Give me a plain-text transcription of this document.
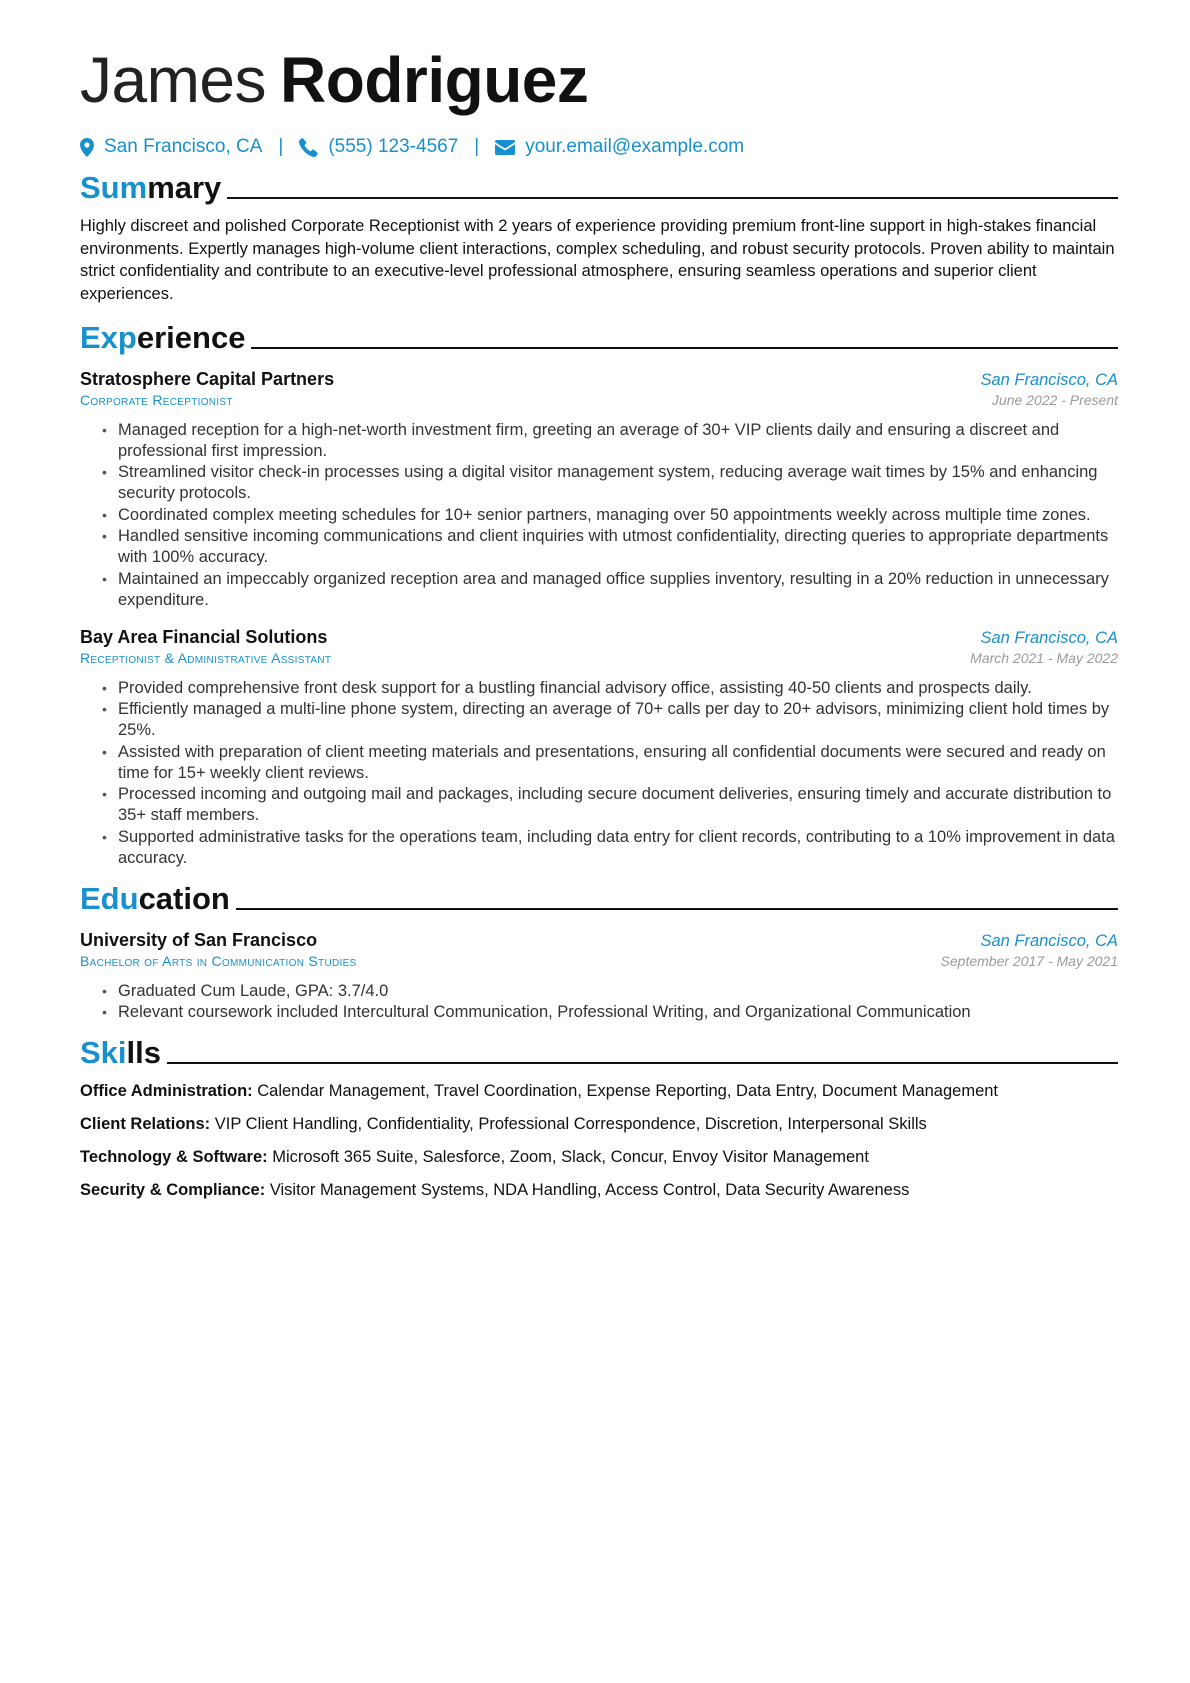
James Rodriguez
San Francisco, CA | (555) 123-4567 | your.email@example.com
Summary

Highly discreet and polished Corporate Receptionist with 2 years of experience providing premium front-line support in high-stakes financial environments. Expertly manages high-volume client interactions, complex scheduling, and robust security protocols. Proven ability to maintain strict confidentiality and contribute to an executive-level professional atmosphere, ensuring seamless operations and superior client experiences.

Experience
Stratosphere Capital Partners	San Francisco, CA
Corporate Receptionist	June 2022 - Present
• Managed reception for a high-net-worth investment firm, greeting an average of 30+ VIP clients daily and ensuring a discreet and professional first impression.
• Streamlined visitor check-in processes using a digital visitor management system, reducing average wait times by 15% and enhancing security protocols.
• Coordinated complex meeting schedules for 10+ senior partners, managing over 50 appointments weekly across multiple time zones.
• Handled sensitive incoming communications and client inquiries with utmost confidentiality, directing queries to appropriate departments with 100% accuracy.
• Maintained an impeccably organized reception area and managed office supplies inventory, resulting in a 20% reduction in unnecessary expenditure.
Bay Area Financial Solutions	San Francisco, CA
Receptionist & Administrative Assistant	March 2021 - May 2022
• Provided comprehensive front desk support for a bustling financial advisory office, assisting 40-50 clients and prospects daily.
• Efficiently managed a multi-line phone system, directing an average of 70+ calls per day to 20+ advisors, minimizing client hold times by 25%.
• Assisted with preparation of client meeting materials and presentations, ensuring all confidential documents were secured and ready on time for 15+ weekly client reviews.
• Processed incoming and outgoing mail and packages, including secure document deliveries, ensuring timely and accurate distribution to 35+ staff members.
• Supported administrative tasks for the operations team, including data entry for client records, contributing to a 10% improvement in data accuracy.
Education
University of San Francisco	San Francisco, CA
Bachelor of Arts in Communication Studies	September 2017 - May 2021
• Graduated Cum Laude, GPA: 3.7/4.0
• Relevant coursework included Intercultural Communication, Professional Writing, and Organizational Communication
Skills
Office Administration: Calendar Management, Travel Coordination, Expense Reporting, Data Entry, Document Management
Client Relations: VIP Client Handling, Confidentiality, Professional Correspondence, Discretion, Interpersonal Skills
Technology & Software: Microsoft 365 Suite, Salesforce, Zoom, Slack, Concur, Envoy Visitor Management
Security & Compliance: Visitor Management Systems, NDA Handling, Access Control, Data Security Awareness
